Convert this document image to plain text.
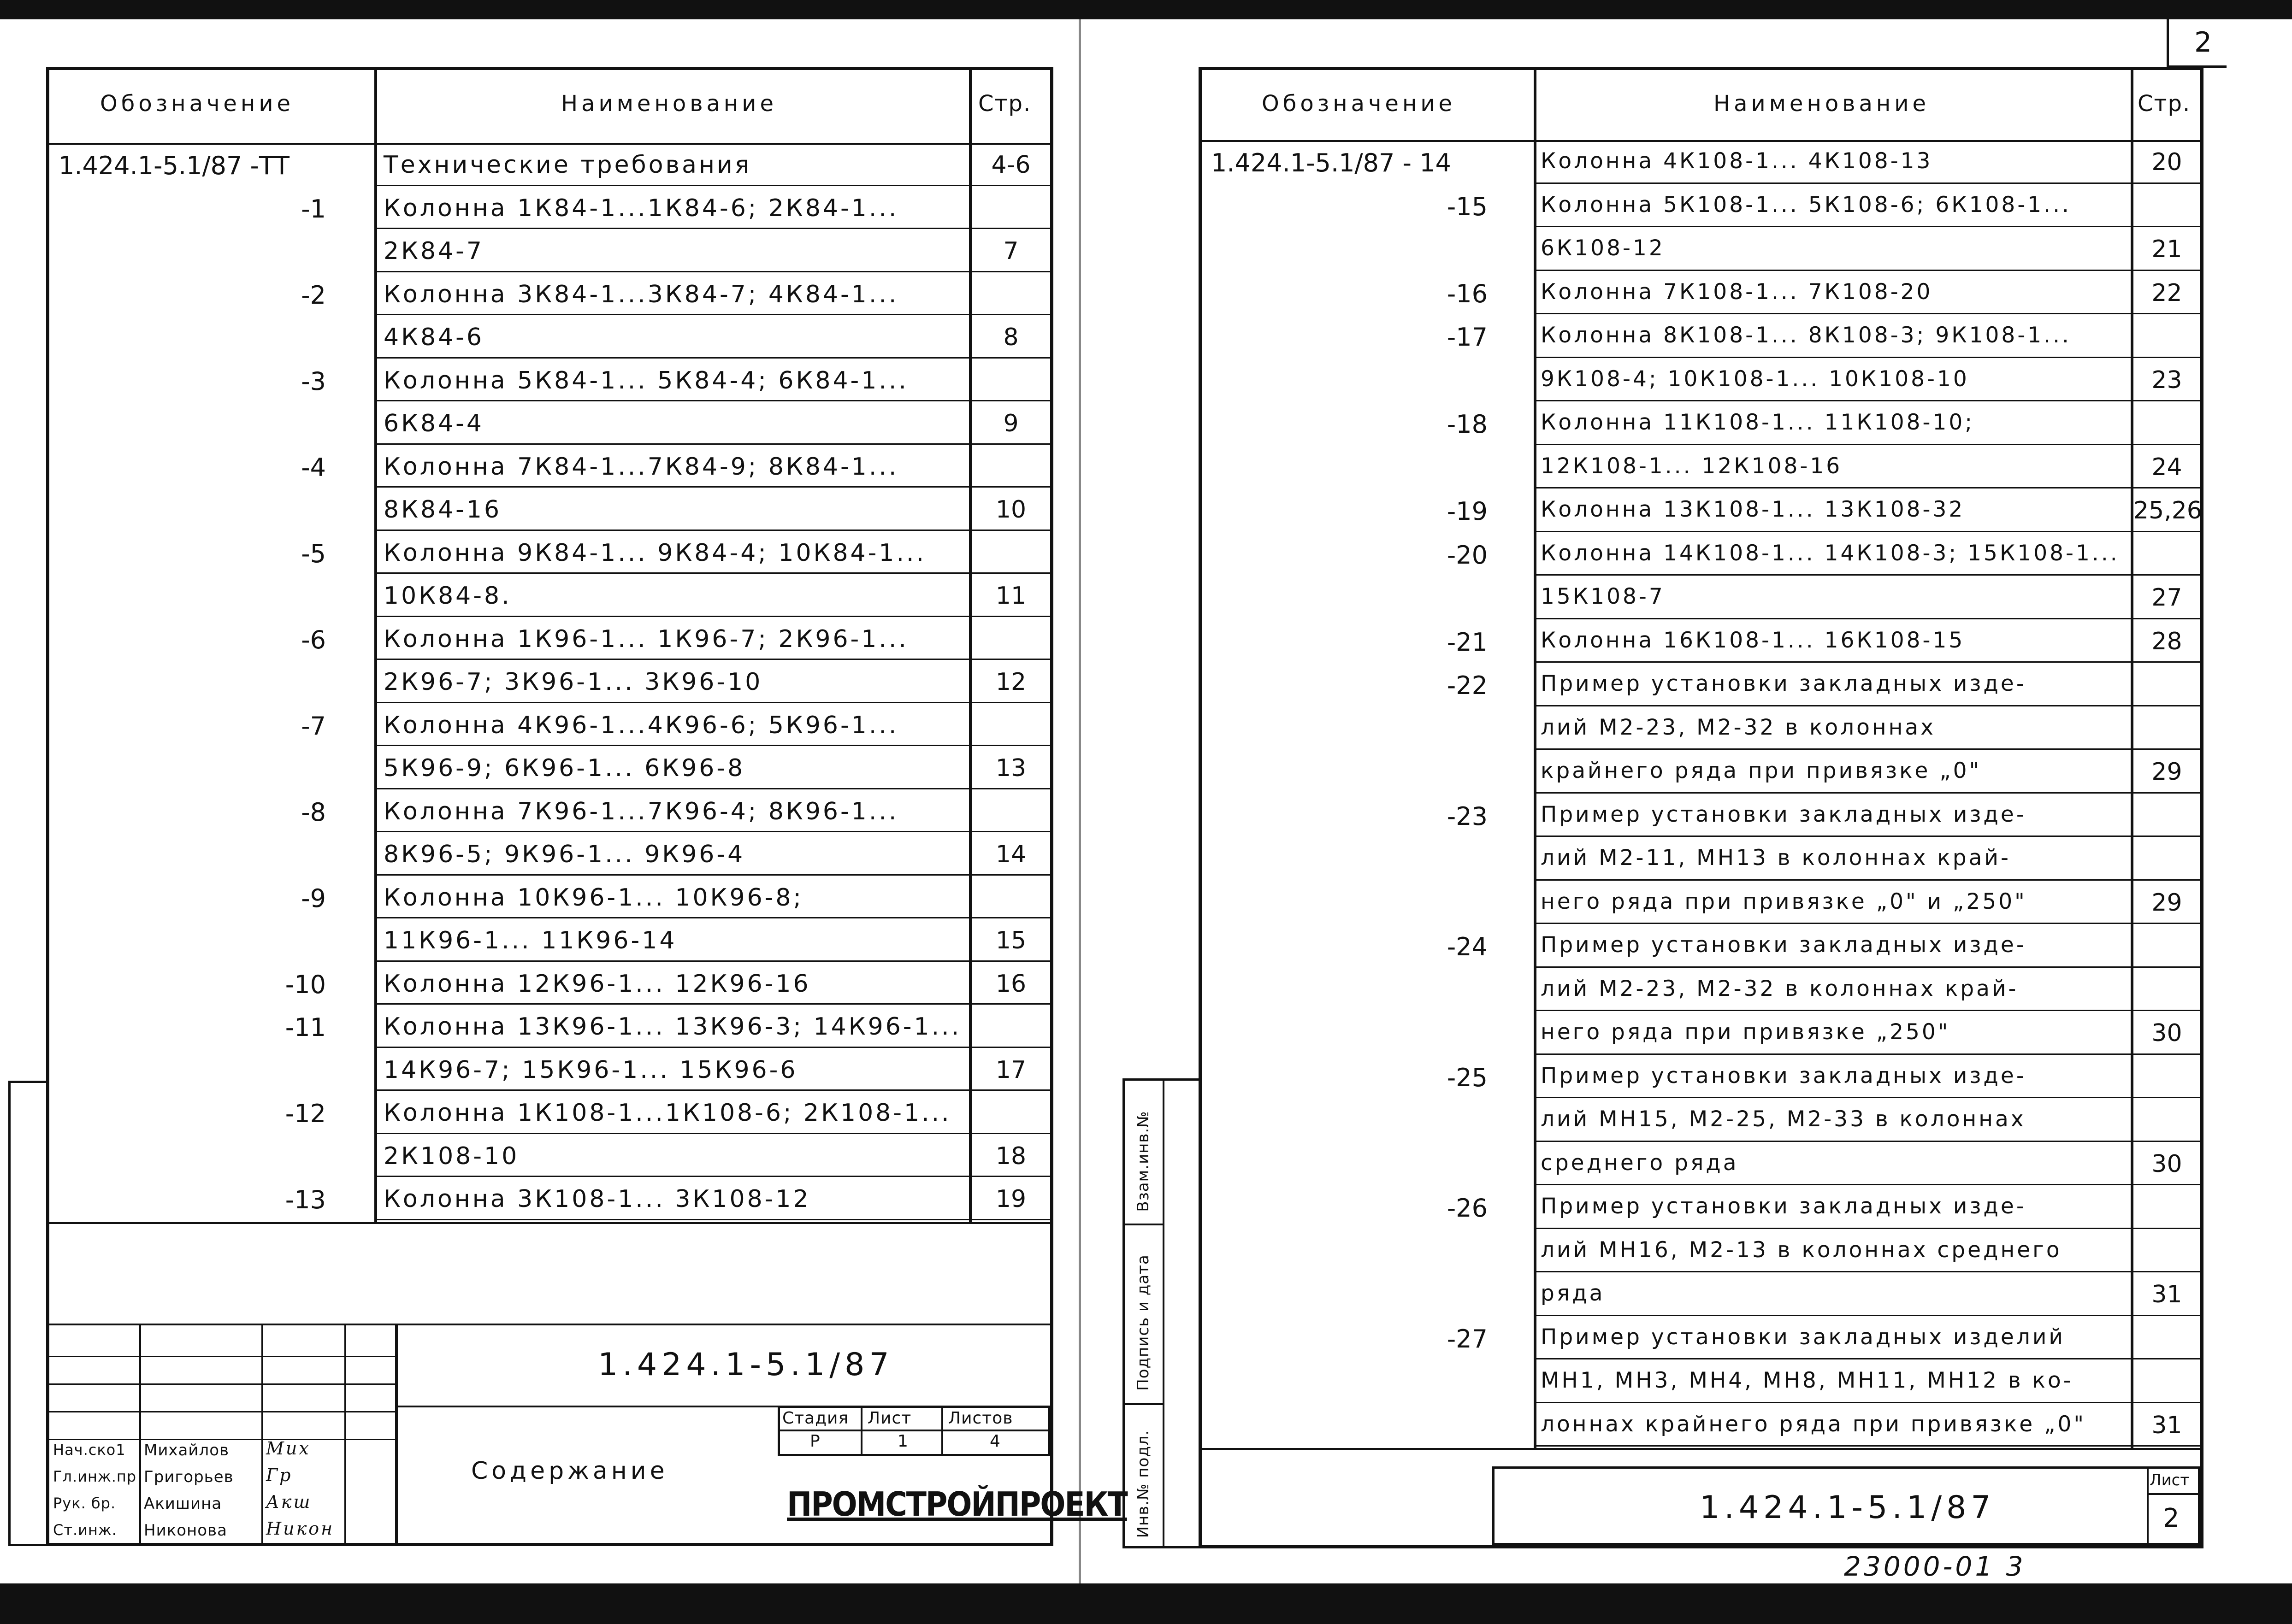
Обозначение	Наименование	Стр.
1.424.1-5.1/87 -ТТ	Технические требования	4-6
-1 Колонна 1К84-1...1К84-6; 2К84-1...
2К84-7	7
-2 Колонна 3К84-1...3К84-7; 4К84-1...
4К84-6	8
-3 Колонна 5К84-1... 5К84-4; 6К84-1...
6К84-4	9
-4 Колонна 7К84-1...7К84-9; 8К84-1...
8К84-16	10
-5 Колонна 9К84-1... 9К84-4; 10К84-1...
10К84-8.	11
-6 Колонна 1К96-1... 1К96-7; 2К96-1...
2К96-7; 3К96-1... 3К96-10	12
-7 Колонна 4К96-1...4К96-6; 5К96-1...
5К96-9; 6К96-1... 6К96-8	13
-8 Колонна 7К96-1...7К96-4; 8К96-1...
8К96-5; 9К96-1... 9К96-4	14
-9 Колонна 10К96-1... 10К96-8;
11К96-1... 11К96-14	15
-10 Колонна 12К96-1... 12К96-16	16
-11 Колонна 13К96-1... 13К96-3; 14К96-1...
14К96-7; 15К96-1... 15К96-6	17
-12 Колонна 1К108-1...1К108-6; 2К108-1...
2К108-10	18
-13 Колонна 3К108-1... 3К108-12	19
1.424.1-5.1/87
Содержание
Стадия Лист Листов
Р	1	4
ПРОМСТРОЙПРОЕКТ
Нач.ско1 Михайлов Мих
Гл.инж.пр Григорьев Гр
Рук. бр. Акишина	Акш
Ст.инж. Никонова Никон
Обозначение	Наименование	Стр.
1.424.1-5.1/87 - 14	Колонна 4К108-1... 4К108-13	20
-15 Колонна 5К108-1... 5К108-6; 6К108-1...
6К108-12	21
-16 Колонна 7К108-1... 7К108-20	22
-17 Колонна 8К108-1... 8К108-3; 9К108-1...
9К108-4; 10К108-1... 10К108-10	23
-18 Колонна 11К108-1... 11К108-10;
12К108-1... 12К108-16	24
-19 Колонна 13К108-1... 13К108-32	25,26
-20 Колонна 14К108-1... 14К108-3; 15К108-1...
15К108-7	27
-21 Колонна 16К108-1... 16К108-15	28
-22 Пример установки закладных изде-
лий М2-23, М2-32 в колоннах
крайнего ряда при привязке „0"	29
-23 Пример установки закладных изде-
лий М2-11, МН13 в колоннах край-
него ряда при привязке „0" и „250"	29
-24 Пример установки закладных изде-
лий М2-23, М2-32 в колоннах край-
него ряда при привязке „250"	30
-25 Пример установки закладных изде-
лий МН15, М2-25, М2-33 в колоннах
среднего ряда	30
-26 Пример установки закладных изде-
лий МН16, М2-13 в колоннах среднего
ряда	31
-27 Пример установки закладных изделий
МН1, МН3, МН4, МН8, МН11, МН12 в ко-
лоннах крайнего ряда при привязке „0"	31
1.424.1-5.1/87
Лист
2
Инв.№ подл.
Подпись и дата
Взам.инв.№
2
23000-01 3
